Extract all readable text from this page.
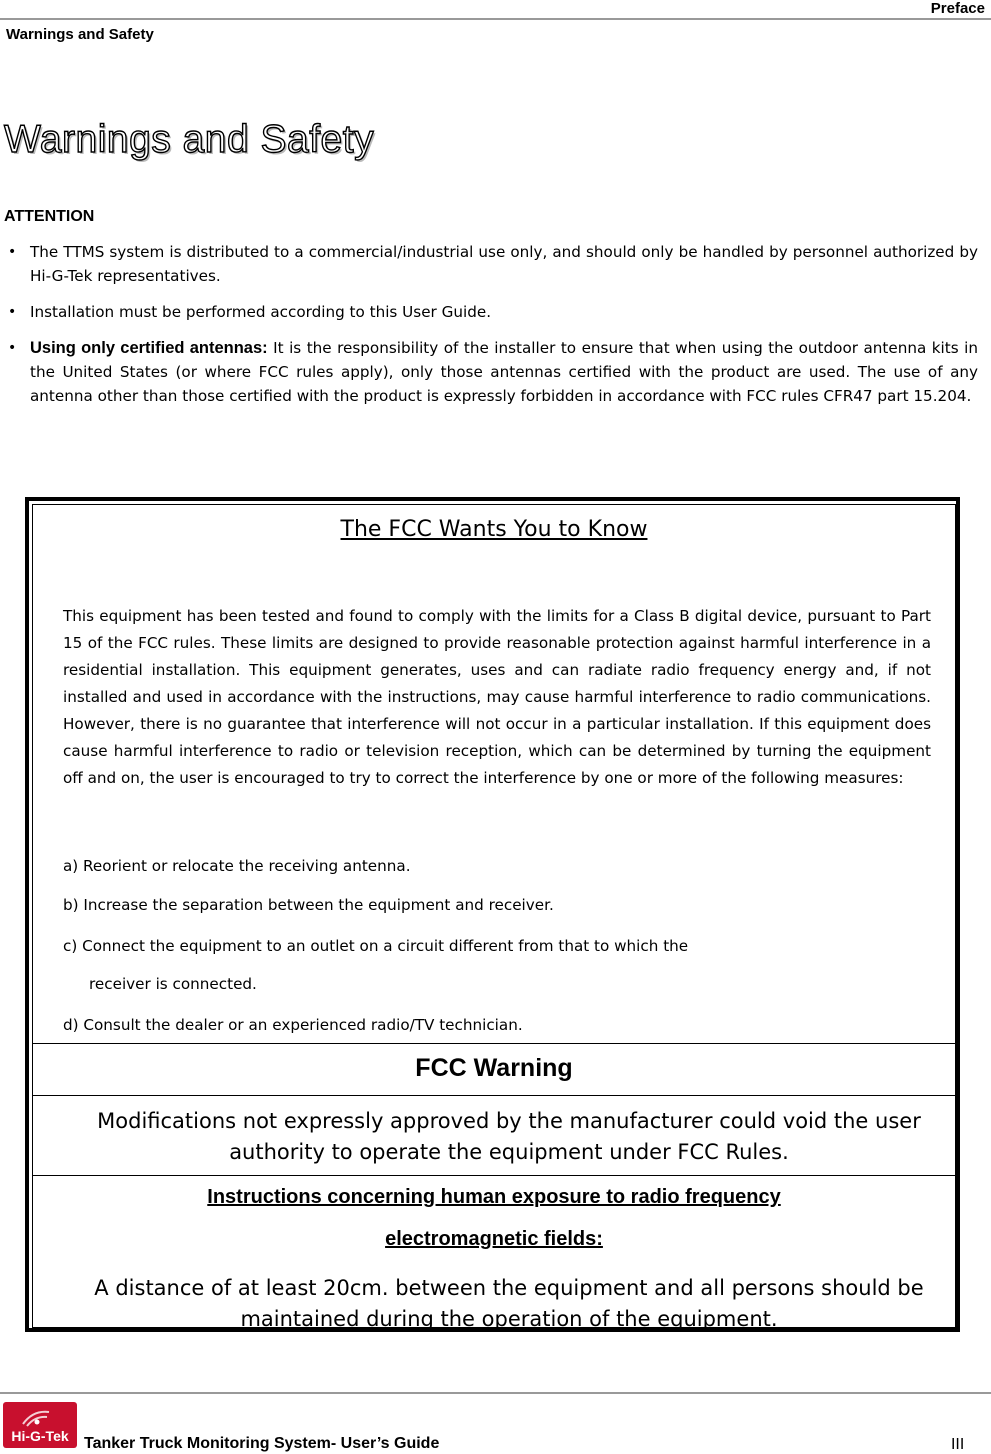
Preface
Warnings and Safety
Warnings and Safety
ATTENTION
• The TTMS system is distributed to a commercial/industrial use only, and should only be handled by personnel authorized by Hi-G-Tek representatives.
• Installation must be performed according to this User Guide.
• Using only certified antennas: It is the responsibility of the installer to ensure that when using the outdoor antenna kits in the United States (or where FCC rules apply), only those antennas certified with the product are used. The use of any antenna other than those certified with the product is expressly forbidden in accordance with FCC rules CFR47 part 15.204.
The FCC Wants You to Know
This equipment has been tested and found to comply with the limits for a Class B digital device, pursuant to Part 15 of the FCC rules. These limits are designed to provide reasonable protection against harmful interference in a residential installation. This equipment generates, uses and can radiate radio frequency energy and, if not installed and used in accordance with the instructions, may cause harmful interference to radio communications. However, there is no guarantee that interference will not occur in a particular installation. If this equipment does cause harmful interference to radio or television reception, which can be determined by turning the equipment off and on, the user is encouraged to try to correct the interference by one or more of the following measures:
a) Reorient or relocate the receiving antenna.
b) Increase the separation between the equipment and receiver.
c) Connect the equipment to an outlet on a circuit different from that to which the
receiver is connected.
d) Consult the dealer or an experienced radio/TV technician.
FCC Warning
Modifications not expressly approved by the manufacturer could void the user authority to operate the equipment under FCC Rules.
Instructions concerning human exposure to radio frequency
electromagnetic fields:
A distance of at least 20cm. between the equipment and all persons should be maintained during the operation of the equipment.
Hi-G-Tek Tanker Truck Monitoring System- User’s Guide	III
